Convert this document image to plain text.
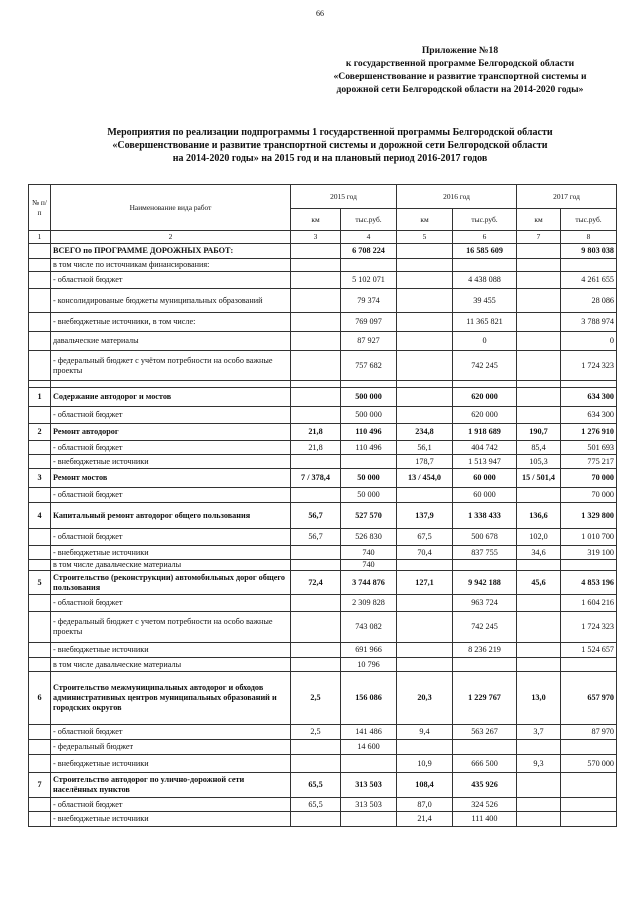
66
Приложение №18
к государственной программе Белгородской области
«Совершенствование и развитие транспортной системы и
дорожной сети Белгородской области на 2014-2020 годы»
Мероприятия по реализации подпрограммы 1 государственной программы Белгородской области
«Совершенствование и развитие транспортной системы и дорожной сети Белгородской области
на 2014-2020 годы» на 2015 год и на плановый период 2016-2017 годов
№ п/п	Наименование вида работ	2015 год		2016 год		2017 год	
		км	тыс.руб.	км	тыс.руб.	км	тыс.руб.
1	2	3	4	5	6	7	8
	ВСЕГО по ПРОГРАММЕ ДОРОЖНЫХ РАБОТ:		6 708 224		16 585 609		9 803 038
	в том числе по источникам финансирования:						
	- областной бюджет		5 102 071		4 438 088		4 261 655
	- консолидированые бюджеты муниципальных образований		79 374		39 455		28 086
	- внебюджетные источники, в том числе:		769 097		11 365 821		3 788 974
	давальческие материалы		87 927		0		0
	- федеральный бюджет с учётом потребности на особо важные проекты		757 682		742 245		1 724 323

1	Содержание автодорог и мостов		500 000		620 000		634 300
	- областной бюджет		500 000		620 000		634 300
2	Ремонт автодорог	21,8	110 496	234,8	1 918 689	190,7	1 276 910
	- областной бюджет	21,8	110 496	56,1	404 742	85,4	501 693
	- внебюджетные источники			178,7	1 513 947	105,3	775 217
3	Ремонт мостов	7 / 378,4	50 000	13 / 454,0	60 000	15 / 501,4	70 000
	- областной бюджет		50 000		60 000		70 000
4	Капитальный ремонт автодорог общего пользования	56,7	527 570	137,9	1 338 433	136,6	1 329 800
	- областной бюджет	56,7	526 830	67,5	500 678	102,0	1 010 700
	- внебюджетные источники		740	70,4	837 755	34,6	319 100
	в том числе давальческие материалы		740				
5	Строительство (реконструкции) автомобильных дорог общего пользования	72,4	3 744 876	127,1	9 942 188	45,6	4 853 196
	- областной бюджет		2 309 828		963 724		1 604 216
	- федеральный бюджет с учетом потребности на особо важные проекты		743 082		742 245		1 724 323
	- внебюджетные источники		691 966		8 236 219		1 524 657
	в том числе давальческие материалы		10 796				
6	Строительство межмуниципальных автодорог и обходов административных центров муниципальных образований и городских округов	2,5	156 086	20,3	1 229 767	13,0	657 970
	- областной бюджет	2,5	141 486	9,4	563 267	3,7	87 970
	- федеральный бюджет		14 600				
	- внебюджетные источники			10,9	666 500	9,3	570 000
7	Строительство автодорог по улично-дорожной сети населённых пунктов	65,5	313 503	108,4	435 926		
	- областной бюджет	65,5	313 503	87,0	324 526		
	- внебюджетные источники			21,4	111 400		
